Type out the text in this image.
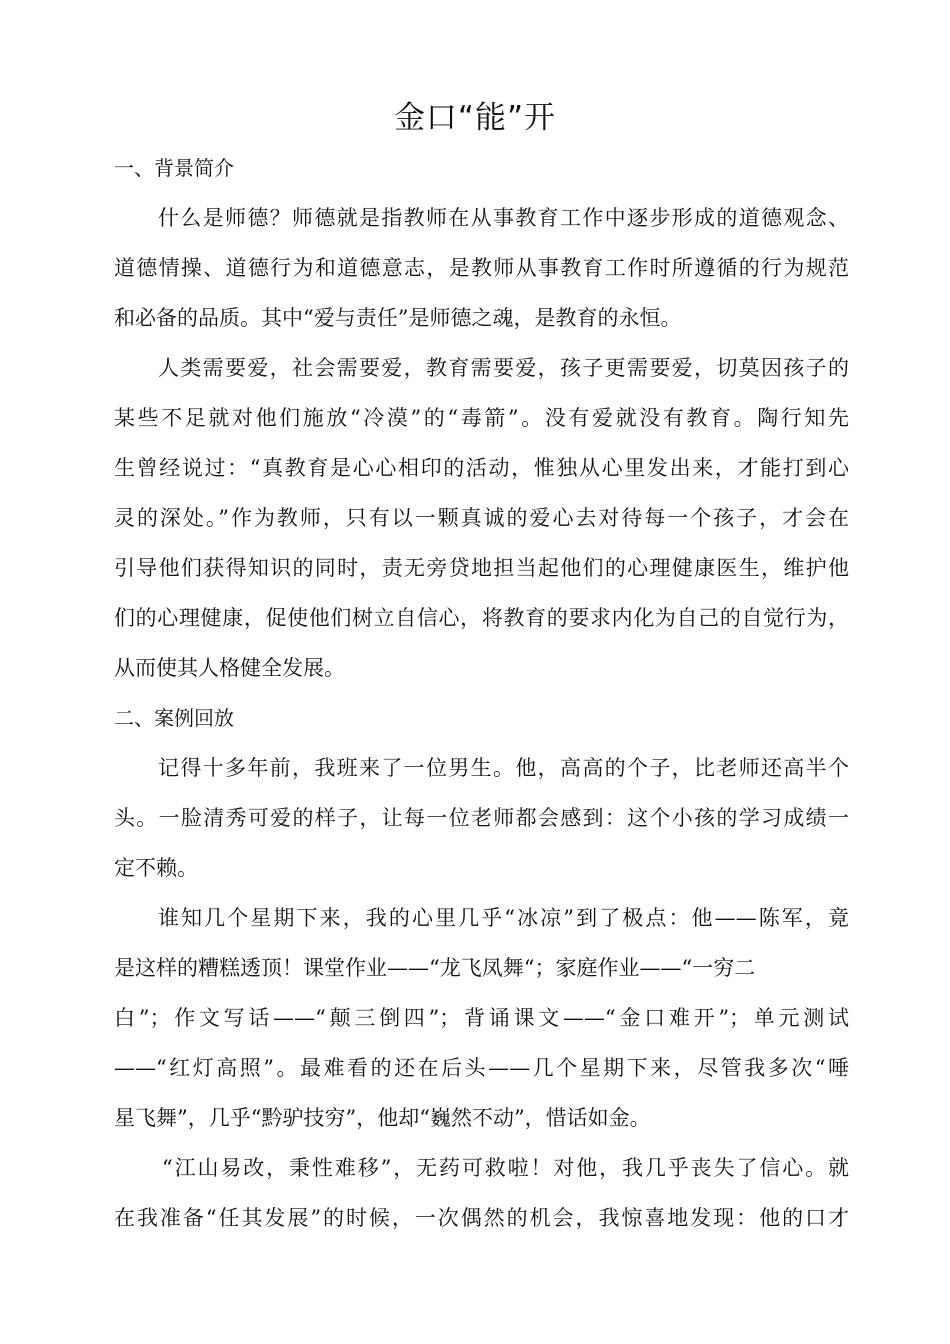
金口“能”开
一、背景简介
什么是师德？师德就是指教师在从事教育工作中逐步形成的道德观念、
道德情操、道德行为和道德意志，是教师从事教育工作时所遵循的行为规范
和必备的品质。其中“爱与责任”是师德之魂，是教育的永恒。
人类需要爱，社会需要爱，教育需要爱，孩子更需要爱，切莫因孩子的
某些不足就对他们施放“冷漠”的“毒箭”。没有爱就没有教育。陶行知先
生曾经说过：“真教育是心心相印的活动，惟独从心里发出来，才能打到心
灵的深处。”作为教师，只有以一颗真诚的爱心去对待每一个孩子，才会在
引导他们获得知识的同时，责无旁贷地担当起他们的心理健康医生，维护他
们的心理健康，促使他们树立自信心，将教育的要求内化为自己的自觉行为，
从而使其人格健全发展。
二、案例回放
记得十多年前，我班来了一位男生。他，高高的个子，比老师还高半个
头。一脸清秀可爱的样子，让每一位老师都会感到：这个小孩的学习成绩一
定不赖。
谁知几个星期下来，我的心里几乎“冰凉”到了极点：他——陈军，竟
是这样的糟糕透顶！课堂作业——“龙飞凤舞“；家庭作业——“一穷二
白”；作文写话——“颠三倒四”；背诵课文——“金口难开”；单元测试
——“红灯高照”。最难看的还在后头——几个星期下来，尽管我多次“唾
星飞舞”，几乎“黔驴技穷”，他却“巍然不动”，惜话如金。
“江山易改，秉性难移”，无药可救啦！对他，我几乎丧失了信心。就
在我准备“任其发展”的时候，一次偶然的机会，我惊喜地发现：他的口才
